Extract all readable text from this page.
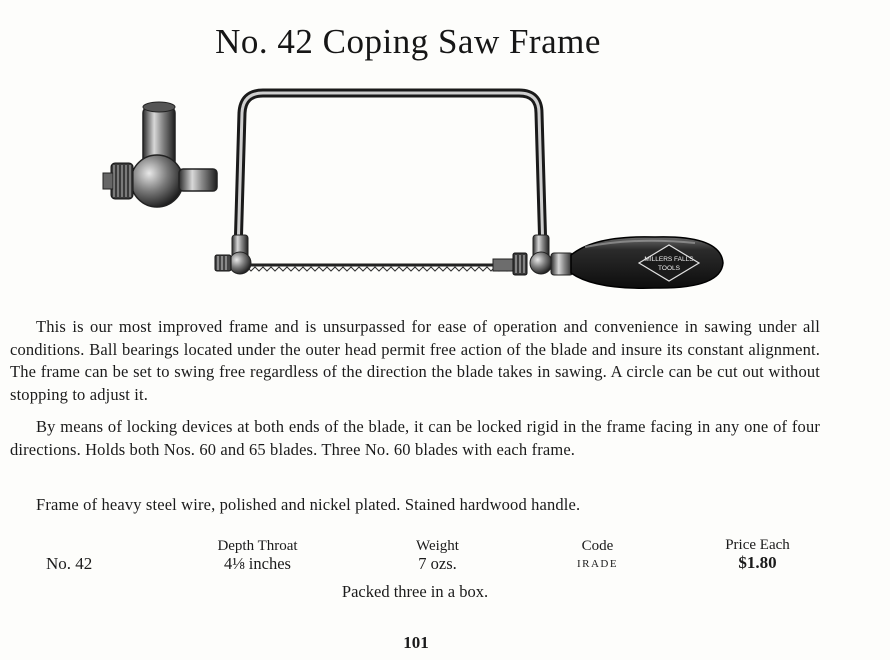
No. 42 Coping Saw Frame
MILLERS FALLS
TOOLS

This is our most improved frame and is unsurpassed for ease of operation and convenience in sawing under all conditions. Ball bearings located under the outer head permit free action of the blade and insure its constant alignment. The frame can be set to swing free regardless of the direction the blade takes in sawing. A circle can be cut out without stopping to adjust it.

By means of locking devices at both ends of the blade, it can be locked rigid in the frame facing in any one of four directions. Holds both Nos. 60 and 65 blades. Three No. 60 blades with each frame.

Frame of heavy steel wire, polished and nickel plated. Stained hardwood handle.

No. 42
Depth Throat
4⅛ inches
Weight
7 ozs.
Code
IRADE
Price Each
$1.80
Packed three in a box.
101
